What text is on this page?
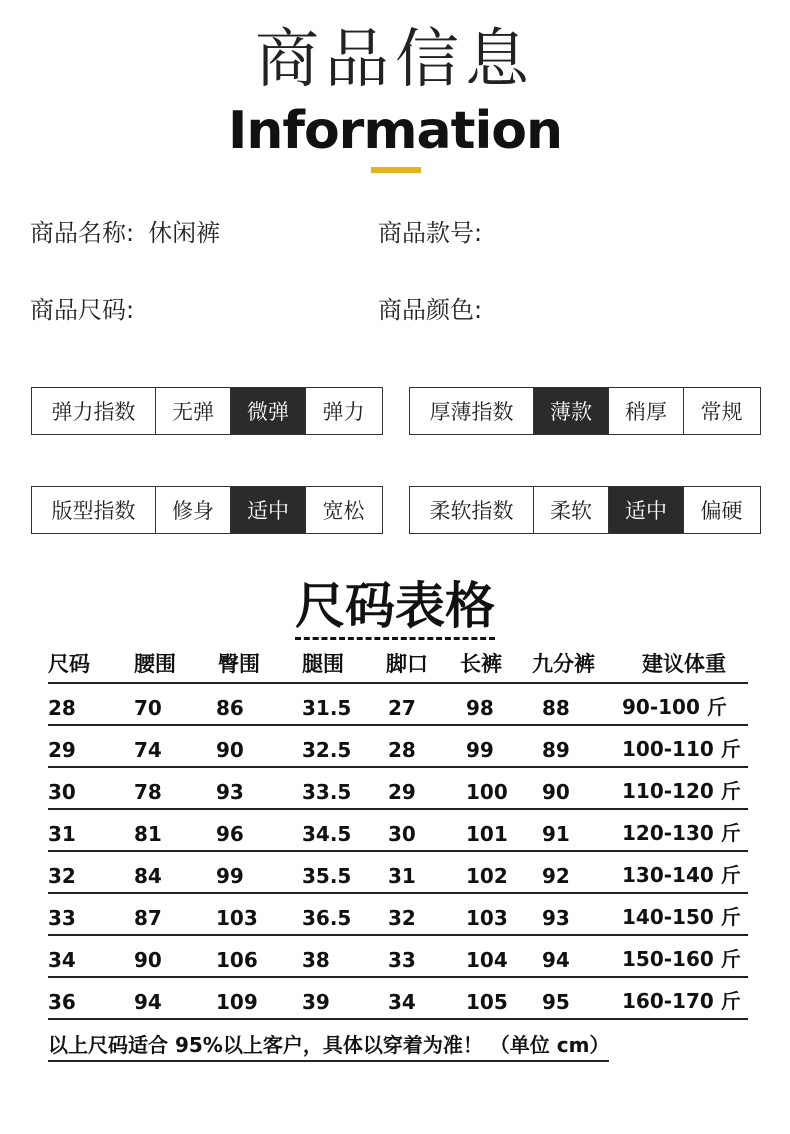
商品信息
Information
商品名称: 休闲裤	商品款号:
商品尺码:	商品颜色:
弹力指数	无弹	微弹	弹力	厚薄指数	薄款	稍厚	常规
版型指数	修身	适中	宽松	柔软指数	柔软	适中	偏硬
尺码表格
尺码 腰围 臀围 腿围 脚口 长裤 九分裤 建议体重
28	70	86	31.5 27	98 88	90-100 斤
29	74	90	32.5 28	99 89	100-110 斤
30	78	93	33.5 29	100 90	110-120 斤
31	81	96	34.5 30	101 91	120-130 斤
32	84	99	35.5 31	102 92	130-140 斤
33	87	103 36.5 32	103 93	140-150 斤
34	90	106 38	33	104 94	150-160 斤
36	94	109 39	34	105 95	160-170 斤
以上尺码适合 95%以上客户，具体以穿着为准！ （单位 cm）
